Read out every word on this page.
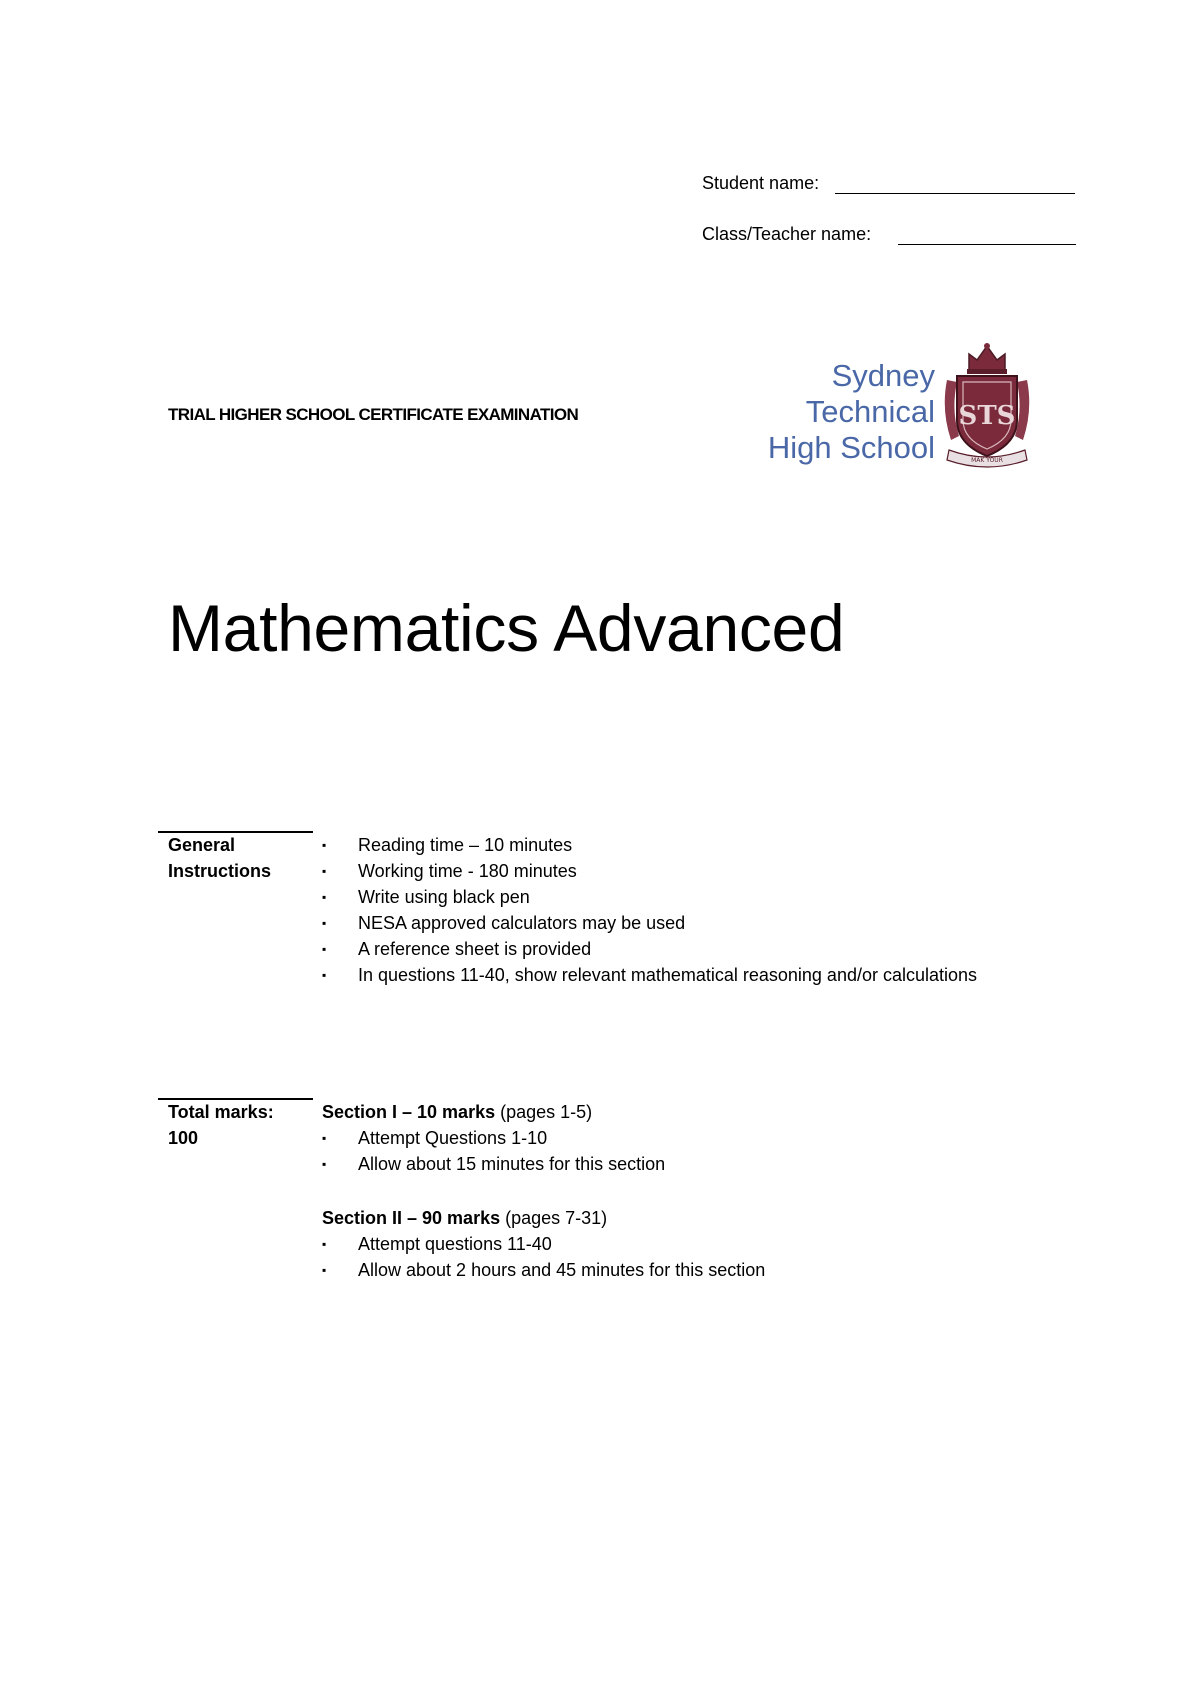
Student name:
Class/Teacher name:
TRIAL HIGHER SCHOOL CERTIFICATE EXAMINATION
Sydney
Technical
High School
STS
MAK YOUR
Mathematics Advanced
General
Instructions
▪ Reading time – 10 minutes
▪ Working time - 180 minutes
▪ Write using black pen
▪ NESA approved calculators may be used
▪ A reference sheet is provided
▪ In questions 11-40, show relevant mathematical reasoning and/or calculations
Total marks:
100
Section I – 10 marks (pages 1-5)
▪ Attempt Questions 1-10
▪ Allow about 15 minutes for this section
Section II – 90 marks (pages 7-31)
▪ Attempt questions 11-40
▪ Allow about 2 hours and 45 minutes for this section
